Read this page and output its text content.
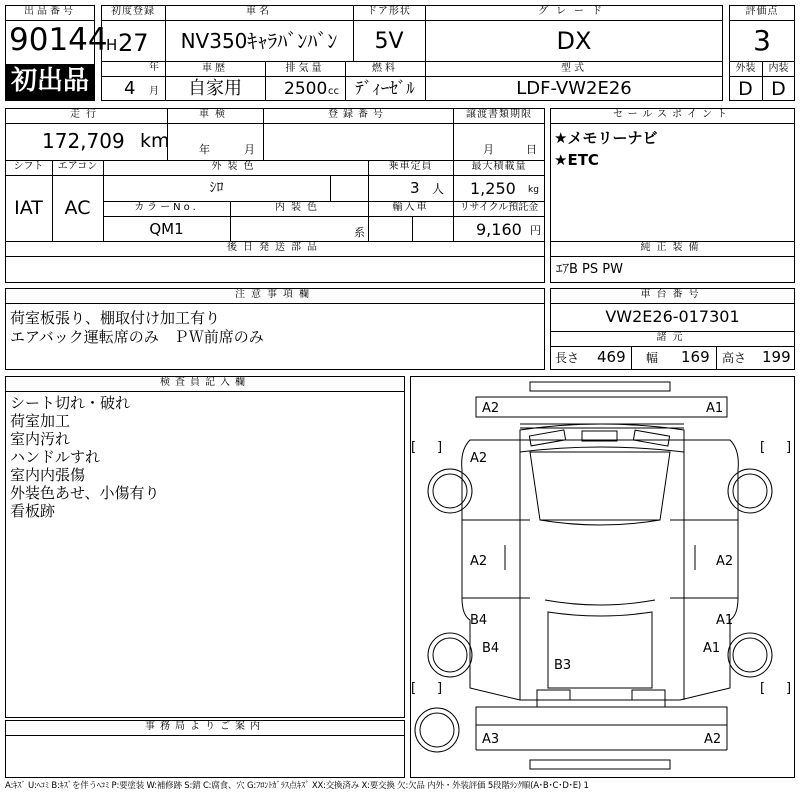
出品番号
90144
初出品
初度登録
H 27
年
4 月
車名
NV350ｷｬﾗﾊﾞﾝﾊﾞﾝ
ドア形状
5V
グレード
DX
車歴
自家用
排気量
2500 cc
燃料
ﾃﾞｨｰｾﾞﾙ
型式
LDF-VW2E26
評価点
3
外装	内装
D D
走行
172,709 km
車検
年	月
登録番号	譲渡書類期限
月	日
シフト
IAT
エアコン
AC
外装色
ｼﾛ
乗車定員
3 人
最大積載量
1,250 kg
カラーNo.
QM1
内装色
系
輸入車	リサイクル預託金
9,160 円
後日発送部品
セールスポイント
★メモリーナビ
★ETC
純正装備
ｴｱB PS PW
注意事項欄
荷室板張り、棚取付け加工有り
エアバック運転席のみ　ＰＷ前席のみ
車台番号
VW2E26-017301
諸元
長さ 469 幅 169 高さ 199
検査員記入欄
シート切れ・破れ
荷室加工
室内汚れ
ハンドルすれ
室内内張傷
外装色あせ、小傷有り
看板跡
事務局よりご案内
A2	A1
A2
A2	A2
B4	A1
B4	A1
B3
A3	A2
[ ]	[ ]
[ ]	[ ]
A:ｷｽﾞ U:ﾍｺﾐ B:ｷｽﾞを伴うﾍｺﾐ P:要塗装 W:補修跡 S:錆 C:腐食、穴 G:ﾌﾛﾝﾄｶﾞﾗｽ点ｷｽﾞ XX:交換済み X:要交換 欠:欠品 内外・外装評価 5段階ﾗﾝｸ順(A･B･C･D･E) 1
